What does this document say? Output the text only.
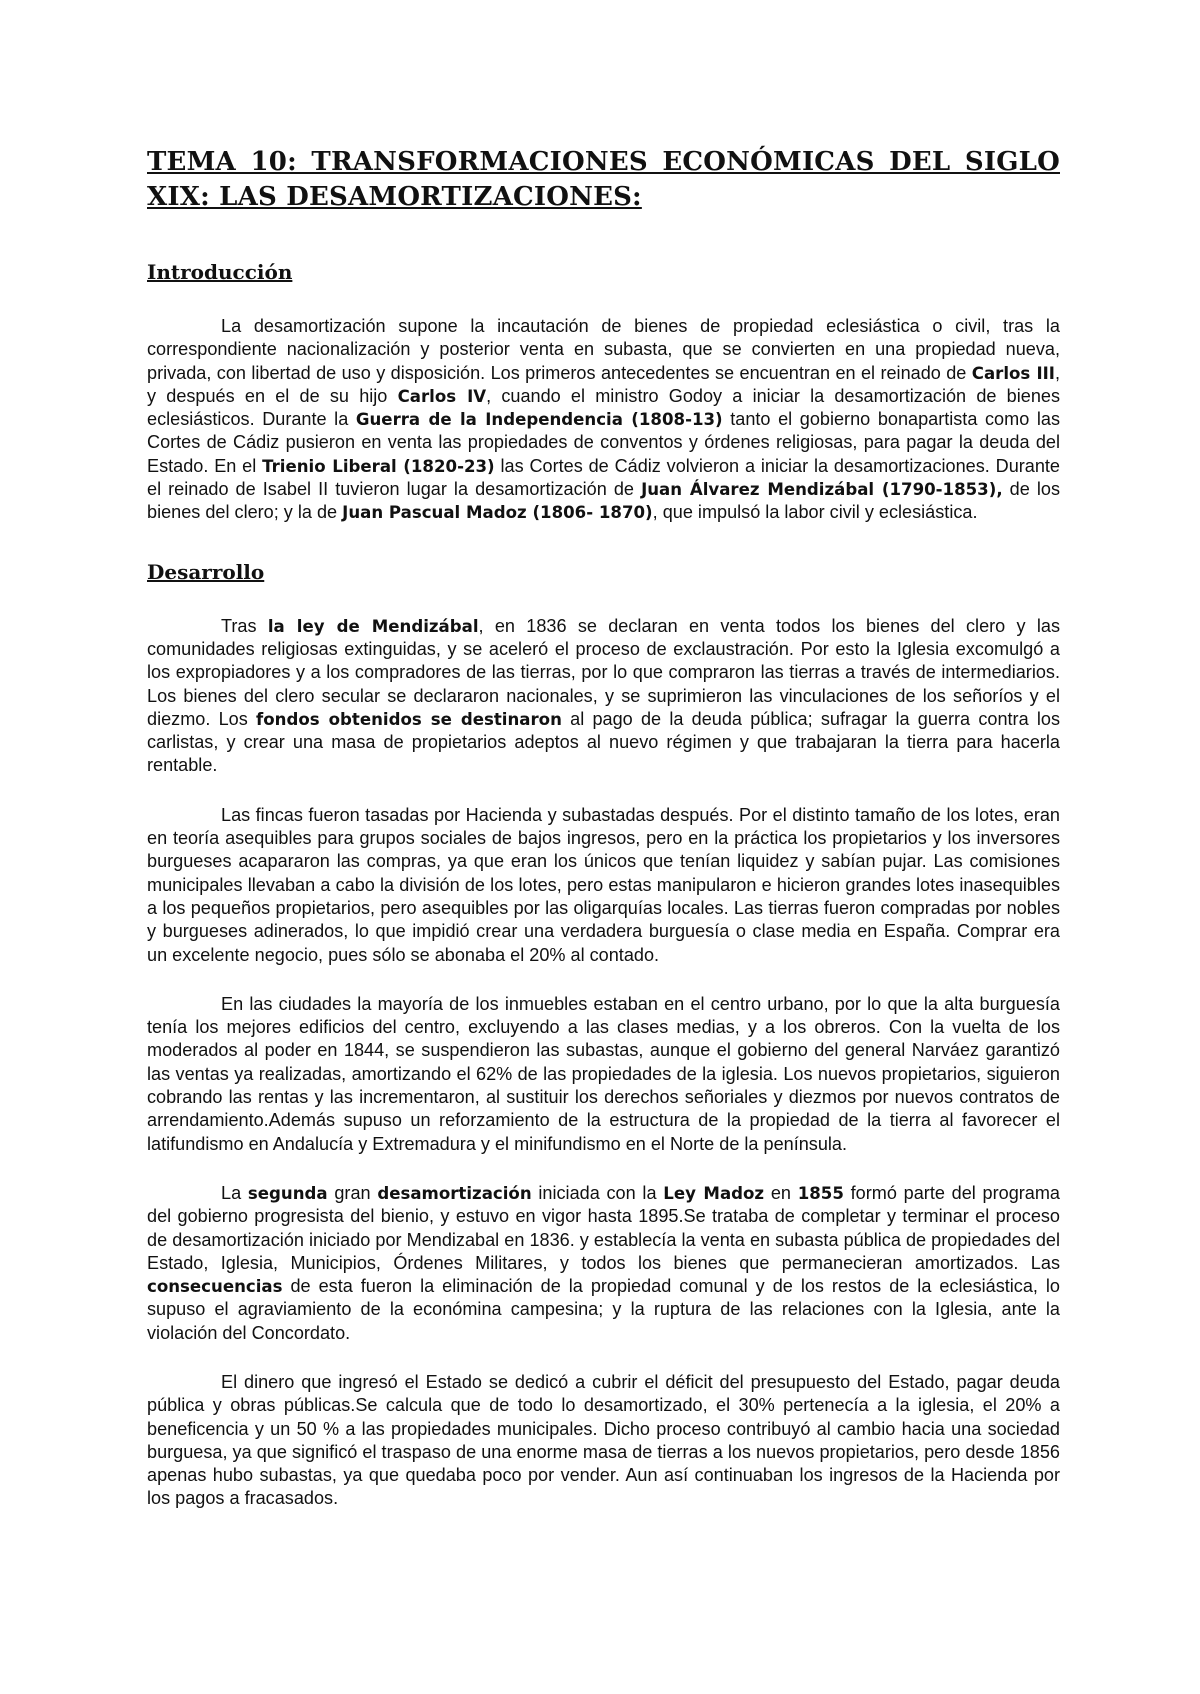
TEMA 10: TRANSFORMACIONES ECONÓMICAS DEL SIGLO XIX: LAS DESAMORTIZACIONES:
Introducción

La desamortización supone la incautación de bienes de propiedad eclesiástica o civil, tras la correspondiente nacionalización y posterior venta en subasta, que se convierten en una propiedad nueva, privada, con libertad de uso y disposición. Los primeros antecedentes se encuentran en el reinado de Carlos III, y después en el de su hijo Carlos IV, cuando el ministro Godoy a iniciar la desamortización de bienes eclesiásticos. Durante la Guerra de la Independencia (1808-13) tanto el gobierno bonapartista como las Cortes de Cádiz pusieron en venta las propiedades de conventos y órdenes religiosas, para pagar la deuda del Estado. En el Trienio Liberal (1820-23) las Cortes de Cádiz volvieron a iniciar la desamortizaciones. Durante el reinado de Isabel II tuvieron lugar la desamortización de Juan Álvarez Mendizábal (1790-1853), de los bienes del clero; y la de Juan Pascual Madoz (1806- 1870), que impulsó la labor civil y eclesiástica.

Desarrollo

Tras la ley de Mendizábal, en 1836 se declaran en venta todos los bienes del clero y las comunidades religiosas extinguidas, y se aceleró el proceso de exclaustración. Por esto la Iglesia excomulgó a los expropiadores y a los compradores de las tierras, por lo que compraron las tierras a través de intermediarios. Los bienes del clero secular se declararon nacionales, y se suprimieron las vinculaciones de los señoríos y el diezmo. Los fondos obtenidos se destinaron al pago de la deuda pública; sufragar la guerra contra los carlistas, y crear una masa de propietarios adeptos al nuevo régimen y que trabajaran la tierra para hacerla rentable.

Las fincas fueron tasadas por Hacienda y subastadas después. Por el distinto tamaño de los lotes, eran en teoría asequibles para grupos sociales de bajos ingresos, pero en la práctica los propietarios y los inversores burgueses acapararon las compras, ya que eran los únicos que tenían liquidez y sabían pujar. Las comisiones municipales llevaban a cabo la división de los lotes, pero estas manipularon e hicieron grandes lotes inasequibles a los pequeños propietarios, pero asequibles por las oligarquías locales. Las tierras fueron compradas por nobles y burgueses adinerados, lo que impidió crear una verdadera burguesía o clase media en España. Comprar era un excelente negocio, pues sólo se abonaba el 20% al contado.

En las ciudades la mayoría de los inmuebles estaban en el centro urbano, por lo que la alta burguesía tenía los mejores edificios del centro, excluyendo a las clases medias, y a los obreros. Con la vuelta de los moderados al poder en 1844, se suspendieron las subastas, aunque el gobierno del general Narváez garantizó las ventas ya realizadas, amortizando el 62% de las propiedades de la iglesia. Los nuevos propietarios, siguieron cobrando las rentas y las incrementaron, al sustituir los derechos señoriales y diezmos por nuevos contratos de arrendamiento.Además supuso un reforzamiento de la estructura de la propiedad de la tierra al favorecer el latifundismo en Andalucía y Extremadura y el minifundismo en el Norte de la península.

La segunda gran desamortización iniciada con la Ley Madoz en 1855 formó parte del programa del gobierno progresista del bienio, y estuvo en vigor hasta 1895.Se trataba de completar y terminar el proceso de desamortización iniciado por Mendizabal en 1836. y establecía la venta en subasta pública de propiedades del Estado, Iglesia, Municipios, Órdenes Militares, y todos los bienes que permanecieran amortizados. Las consecuencias de esta fueron la eliminación de la propiedad comunal y de los restos de la eclesiástica, lo supuso el agraviamiento de la económina campesina; y la ruptura de las relaciones con la Iglesia, ante la violación del Concordato.

El dinero que ingresó el Estado se dedicó a cubrir el déficit del presupuesto del Estado, pagar deuda pública y obras públicas.Se calcula que de todo lo desamortizado, el 30% pertenecía a la iglesia, el 20% a beneficencia y un 50 % a las propiedades municipales. Dicho proceso contribuyó al cambio hacia una sociedad burguesa, ya que significó el traspaso de una enorme masa de tierras a los nuevos propietarios, pero desde 1856 apenas hubo subastas, ya que quedaba poco por vender. Aun así continuaban los ingresos de la Hacienda por los pagos a fracasados.
